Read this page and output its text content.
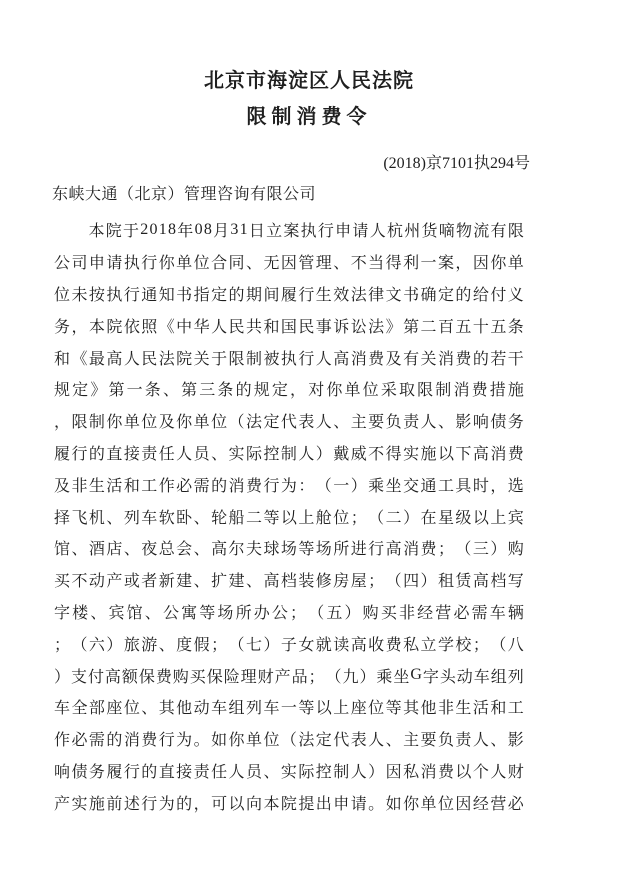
北京市海淀区人民法院
限制消费令
(2018)京7101执294号
东峡大通（北京）管理咨询有限公司

本 院 于 2 0 1 8 年 0 8 月 3 1 日 立 案 执 行 申 请 人 杭 州 货 嘀 物 流 有 限
公 司 申 请 执 行 你 单 位 合 同 、 无 因 管 理 、 不 当 得 利 一 案 ， 因 你 单
位 未 按 执 行 通 知 书 指 定 的 期 间 履 行 生 效 法 律 文 书 确 定 的 给 付 义
务 ， 本 院 依 照 《 中 华 人 民 共 和 国 民 事 诉 讼 法 》 第 二 百 五 十 五 条
和 《 最 高 人 民 法 院 关 于 限 制 被 执 行 人 高 消 费 及 有 关 消 费 的 若 干
规 定 》 第 一 条 、 第 三 条 的 规 定 ， 对 你 单 位 采 取 限 制 消 费 措 施
， 限 制 你 单 位 及 你 单 位 （ 法 定 代 表 人 、 主 要 负 责 人 、 影 响 债 务
履 行 的 直 接 责 任 人 员 、 实 际 控 制 人 ） 戴 威 不 得 实 施 以 下 高 消 费
及 非 生 活 和 工 作 必 需 的 消 费 行 为 ： （ 一 ） 乘 坐 交 通 工 具 时 ， 选
择 飞 机 、 列 车 软 卧 、 轮 船 二 等 以 上 舱 位 ； （ 二 ） 在 星 级 以 上 宾
馆 、 酒 店 、 夜 总 会 、 高 尔 夫 球 场 等 场 所 进 行 高 消 费 ； （ 三 ） 购
买 不 动 产 或 者 新 建 、 扩 建 、 高 档 装 修 房 屋 ； （ 四 ） 租 赁 高 档 写
字 楼 、 宾 馆 、 公 寓 等 场 所 办 公 ； （ 五 ） 购 买 非 经 营 必 需 车 辆
； （ 六 ） 旅 游 、 度 假 ； （ 七 ） 子 女 就 读 高 收 费 私 立 学 校 ； （ 八
） 支 付 高 额 保 费 购 买 保 险 理 财 产 品 ； （ 九 ） 乘 坐 G 字 头 动 车 组 列
车 全 部 座 位 、 其 他 动 车 组 列 车 一 等 以 上 座 位 等 其 他 非 生 活 和 工
作 必 需 的 消 费 行 为 。 如 你 单 位 （ 法 定 代 表 人 、 主 要 负 责 人 、 影
响 债 务 履 行 的 直 接 责 任 人 员 、 实 际 控 制 人 ） 因 私 消 费 以 个 人 财
产 实 施 前 述 行 为 的 ， 可 以 向 本 院 提 出 申 请 。 如 你 单 位 因 经 营 必
